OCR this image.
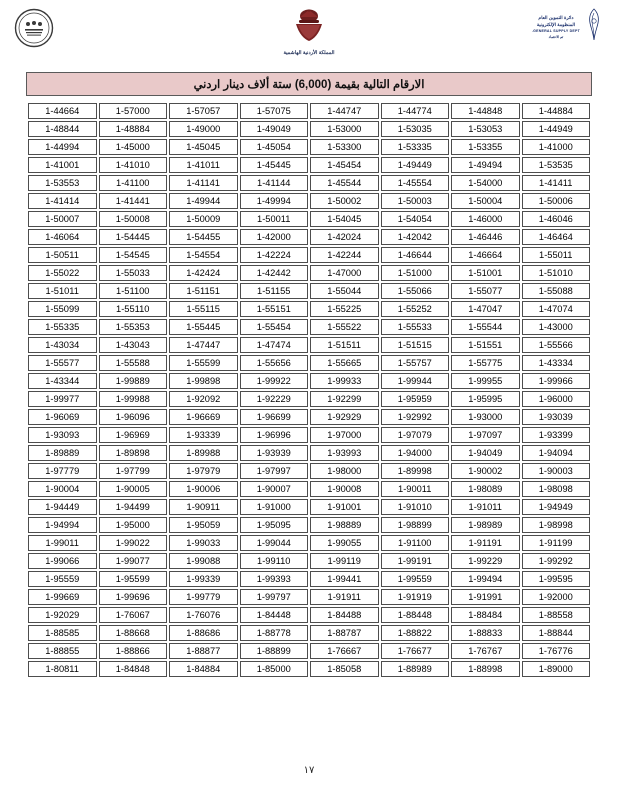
دائرة التموين العام
المنظومة الإلكترونية
GENERAL SUPPLY DEPT.
تم الاعتماد
المملكة الأردنية الهاشمية
الارقام التالية بقيمة (6,000) ستة ألاف دينار اردني
1-44884	1-44848	1-44774	1-44747	1-57075	1-57057	1-57000	1-44664
1-44949	1-53053	1-53035	1-53000	1-49049	1-49000	1-48884	1-48844
1-41000	1-53355	1-53335	1-53300	1-45054	1-45045	1-45000	1-44994
1-53535	1-49494	1-49449	1-45454	1-45445	1-41011	1-41010	1-41001
1-41411	1-54000	1-45554	1-45544	1-41144	1-41141	1-41100	1-53553
1-50006	1-50004	1-50003	1-50002	1-49994	1-49944	1-41441	1-41414
1-46046	1-46000	1-54054	1-54045	1-50011	1-50009	1-50008	1-50007
1-46464	1-46446	1-42042	1-42024	1-42000	1-54455	1-54445	1-46064
1-55011	1-46664	1-46644	1-42244	1-42224	1-54554	1-54545	1-50511
1-51010	1-51001	1-51000	1-47000	1-42442	1-42424	1-55033	1-55022
1-55088	1-55077	1-55066	1-55044	1-51155	1-51151	1-51100	1-51011
1-47074	1-47047	1-55252	1-55225	1-55151	1-55115	1-55110	1-55099
1-43000	1-55544	1-55533	1-55522	1-55454	1-55445	1-55353	1-55335
1-55566	1-51551	1-51515	1-51511	1-47474	1-47447	1-43043	1-43034
1-43334	1-55775	1-55757	1-55665	1-55656	1-55599	1-55588	1-55577
1-99966	1-99955	1-99944	1-99933	1-99922	1-99898	1-99889	1-43344
1-96000	1-95995	1-95959	1-92299	1-92229	1-92092	1-99988	1-99977
1-93039	1-93000	1-92992	1-92929	1-96699	1-96669	1-96096	1-96069
1-93399	1-97097	1-97079	1-97000	1-96996	1-93339	1-96969	1-93093
1-94094	1-94049	1-94000	1-93993	1-93939	1-89988	1-89898	1-89889
1-90003	1-90002	1-89998	1-98000	1-97997	1-97979	1-97799	1-97779
1-98098	1-98089	1-90011	1-90008	1-90007	1-90006	1-90005	1-90004
1-94949	1-91011	1-91010	1-91001	1-91000	1-90911	1-94499	1-94449
1-98998	1-98989	1-98899	1-98889	1-95095	1-95059	1-95000	1-94994
1-91199	1-91191	1-91100	1-99055	1-99044	1-99033	1-99022	1-99011
1-99292	1-99229	1-99191	1-99119	1-99110	1-99088	1-99077	1-99066
1-99595	1-99494	1-99559	1-99441	1-99393	1-99339	1-95599	1-95559
1-92000	1-91991	1-91919	1-91911	1-99797	1-99779	1-99696	1-99669
1-88558	1-88484	1-88448	1-84488	1-84448	1-76076	1-76067	1-92029
1-88844	1-88833	1-88822	1-88787	1-88778	1-88686	1-88668	1-88585
1-76776	1-76767	1-76677	1-76667	1-88899	1-88877	1-88866	1-88855
1-89000	1-88998	1-88989	1-85058	1-85000	1-84884	1-84848	1-80811
١٧
